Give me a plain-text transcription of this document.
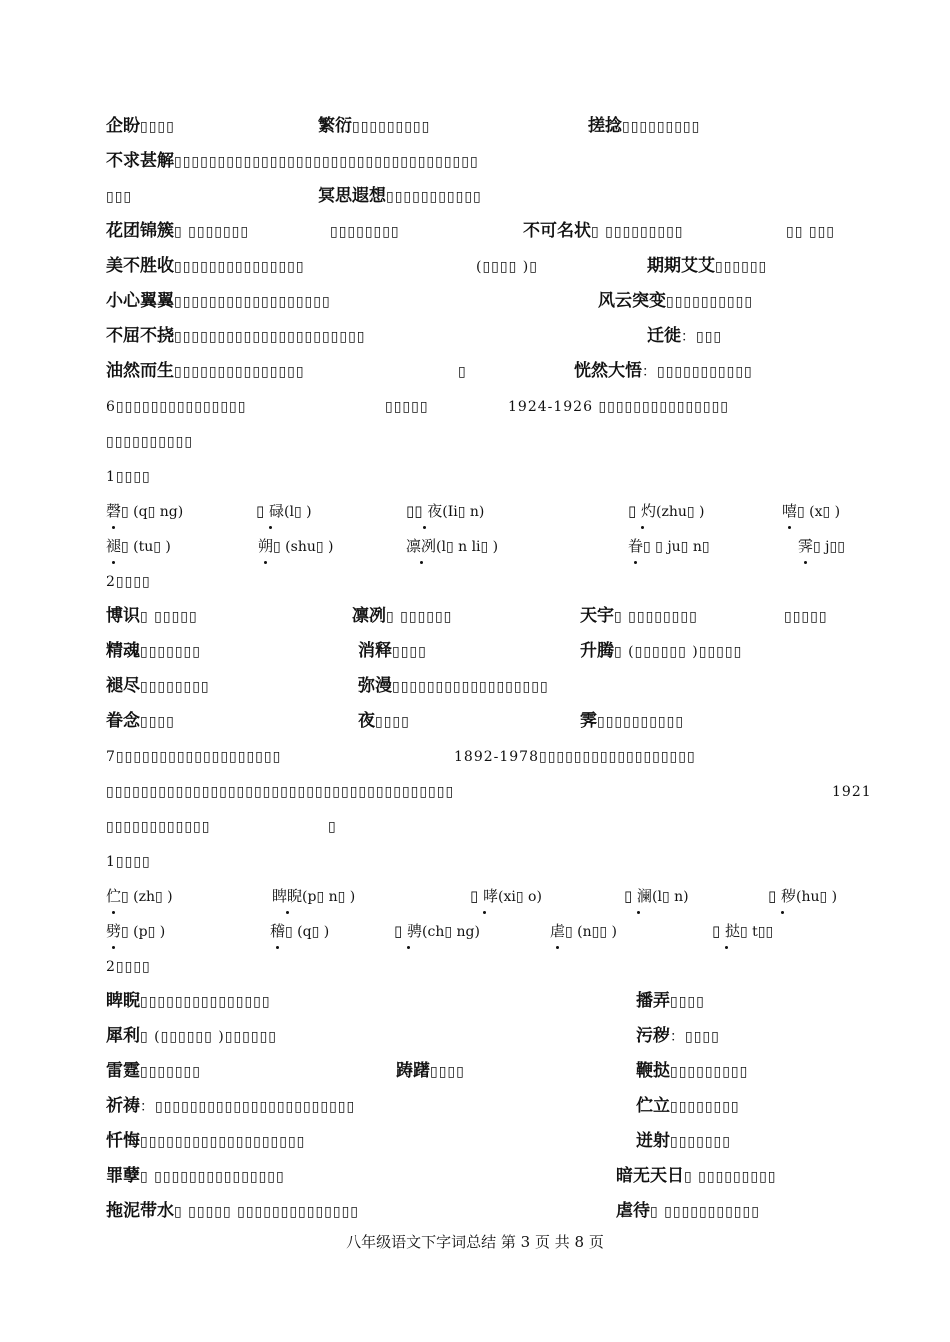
企盼▯▯▯▯	繁衍▯▯▯▯▯▯▯▯▯	搓捻▯▯▯▯▯▯▯▯▯
不求甚解▯▯▯▯▯▯▯▯▯▯▯▯▯▯▯▯▯▯▯▯▯▯▯▯▯▯▯▯▯▯▯▯▯▯▯
▯▯▯	冥思遐想▯▯▯▯▯▯▯▯▯▯▯
花团锦簇▯ ▯▯▯▯▯▯▯	▯▯▯▯▯▯▯▯	不可名状▯ ▯▯▯▯▯▯▯▯▯	▯▯ ▯▯▯
美不胜收▯▯▯▯▯▯▯▯▯▯▯▯▯▯▯	(▯▯▯▯ )▯	期期艾艾▯▯▯▯▯▯
小心翼翼▯▯▯▯▯▯▯▯▯▯▯▯▯▯▯▯▯▯	风云突变▯▯▯▯▯▯▯▯▯▯
不屈不挠▯▯▯▯▯▯▯▯▯▯▯▯▯▯▯▯▯▯▯▯▯▯	迁徙：▯▯▯
油然而生▯▯▯▯▯▯▯▯▯▯▯▯▯▯▯	▯	恍然大悟：▯▯▯▯▯▯▯▯▯▯▯
6▯▯▯▯▯▯▯▯▯▯▯▯▯▯▯	▯▯▯▯▯	1924-1926 ▯▯▯▯▯▯▯▯▯▯▯▯▯▯▯
▯▯▯▯▯▯▯▯▯▯
1▯▯▯▯
磬▯ (q▯ ng)	▯ 碌(l▯ )	▯▯ 夜(Ii▯ n)	▯ 灼(zhu▯ )	嘻▯ (x▯ )
褪▯ (tu▯ )	朔▯ (shu▯ )	凛冽(l▯ n li▯ )	眷▯ ▯ ju▯ n▯	霁▯ j▯▯
2▯▯▯▯
博识▯ ▯▯▯▯▯	凛冽▯ ▯▯▯▯▯▯	天宇▯ ▯▯▯▯▯▯▯▯	▯▯▯▯▯
精魂▯▯▯▯▯▯▯	消释▯▯▯▯	升腾▯ (▯▯▯▯▯▯ )▯▯▯▯▯
褪尽▯▯▯▯▯▯▯▯	弥漫▯▯▯▯▯▯▯▯▯▯▯▯▯▯▯▯▯▯
眷念▯▯▯▯	夜▯▯▯▯	霁▯▯▯▯▯▯▯▯▯▯
7▯▯▯▯▯▯▯▯▯▯▯▯▯▯▯▯▯▯▯	1892-1978▯▯▯▯▯▯▯▯▯▯▯▯▯▯▯▯▯▯
▯▯▯▯▯▯▯▯▯▯▯▯▯▯▯▯▯▯▯▯▯▯▯▯▯▯▯▯▯▯▯▯▯▯▯▯▯▯▯▯	1921
▯▯▯▯▯▯▯▯▯▯▯▯	▯
1▯▯▯▯
伫▯ (zh▯ )	睥睨(p▯ n▯ )	▯ 哮(xi▯ o)	▯ 澜(l▯ n)	▯ 秽(hu▯ )
劈▯ (p▯ )	稽▯ (q▯ )	▯ 骋(ch▯ ng)	虐▯ (n▯▯ )	▯ 挞▯ t▯▯
2▯▯▯▯
睥睨▯▯▯▯▯▯▯▯▯▯▯▯▯▯▯	播弄▯▯▯▯
犀利▯ (▯▯▯▯▯▯ )▯▯▯▯▯▯	污秽：▯▯▯▯
雷霆▯▯▯▯▯▯▯	踌躇▯▯▯▯	鞭挞▯▯▯▯▯▯▯▯▯
祈祷：▯▯▯▯▯▯▯▯▯▯▯▯▯▯▯▯▯▯▯▯▯▯▯	伫立▯▯▯▯▯▯▯▯
忏悔▯▯▯▯▯▯▯▯▯▯▯▯▯▯▯▯▯▯▯	迸射▯▯▯▯▯▯▯
罪孽▯ ▯▯▯▯▯▯▯▯▯▯▯▯▯▯▯	暗无天日▯ ▯▯▯▯▯▯▯▯▯
拖泥带水▯ ▯▯▯▯▯ ▯▯▯▯▯▯▯▯▯▯▯▯▯▯	虐待▯ ▯▯▯▯▯▯▯▯▯▯▯
八年级语文下字词总结 第 3 页 共 8 页
